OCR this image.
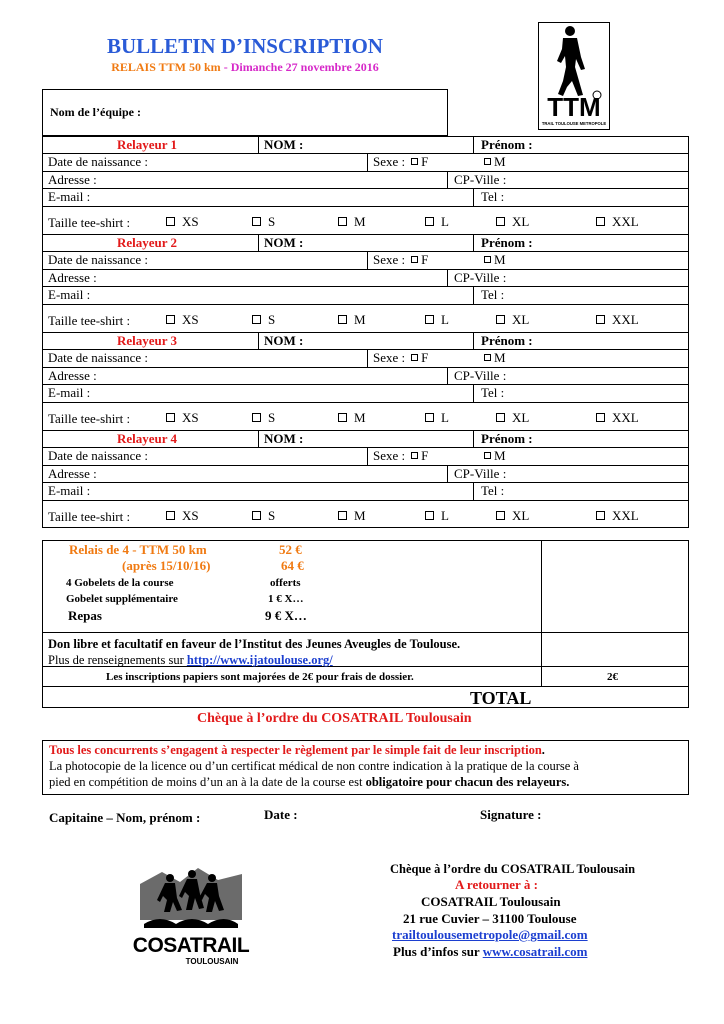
BULLETIN D’INSCRIPTION
RELAIS TTM 50 km - Dimanche 27 novembre 2016
TTM
TRAIL TOULOUSE METROPOLE
Nom de l’équipe :
Relayeur 1	NOM :	Prénom :
Date de naissance :	Sexe : F	M
Adresse :	CP-Ville :
E-mail :	Tel :
Taille tee-shirt :	XS	S	M	L	XL	XXL
Relayeur 2	NOM :	Prénom :
Date de naissance :	Sexe : F	M
Adresse :	CP-Ville :
E-mail :	Tel :
Taille tee-shirt :	XS	S	M	L	XL	XXL
Relayeur 3	NOM :	Prénom :
Date de naissance :	Sexe : F	M
Adresse :	CP-Ville :
E-mail :	Tel :
Taille tee-shirt :	XS	S	M	L	XL	XXL
Relayeur 4	NOM :	Prénom :
Date de naissance :	Sexe : F	M
Adresse :	CP-Ville :
E-mail :	Tel :
Taille tee-shirt :	XS	S	M	L	XL	XXL
Relais de 4 - TTM 50 km	52 €
(après 15/10/16)	64 €
4 Gobelets de la course	offerts
Gobelet supplémentaire	1 € X…
Repas	9 € X…
Don libre et facultatif en faveur de l’Institut des Jeunes Aveugles de Toulouse.
Plus de renseignements sur http://www.ijatoulouse.org/
Les inscriptions papiers sont majorées de 2€ pour frais de dossier.	2€
TOTAL
Chèque à l’ordre du COSATRAIL Toulousain
Tous les concurrents s’engagent à respecter le règlement par le simple fait de leur inscription.
La photocopie de la licence ou d’un certificat médical de non contre indication à la pratique de la course à
pied en compétition de moins d’un an à la date de la course est obligatoire pour chacun des relayeurs.
Capitaine – Nom, prénom :	Date :	Signature :
COSATRAIL
TOULOUSAIN
Chèque à l’ordre du COSATRAIL Toulousain
A retourner à :
COSATRAIL Toulousain
21 rue Cuvier – 31100 Toulouse
trailtoulousemetropole@gmail.com
Plus d’infos sur www.cosatrail.com
